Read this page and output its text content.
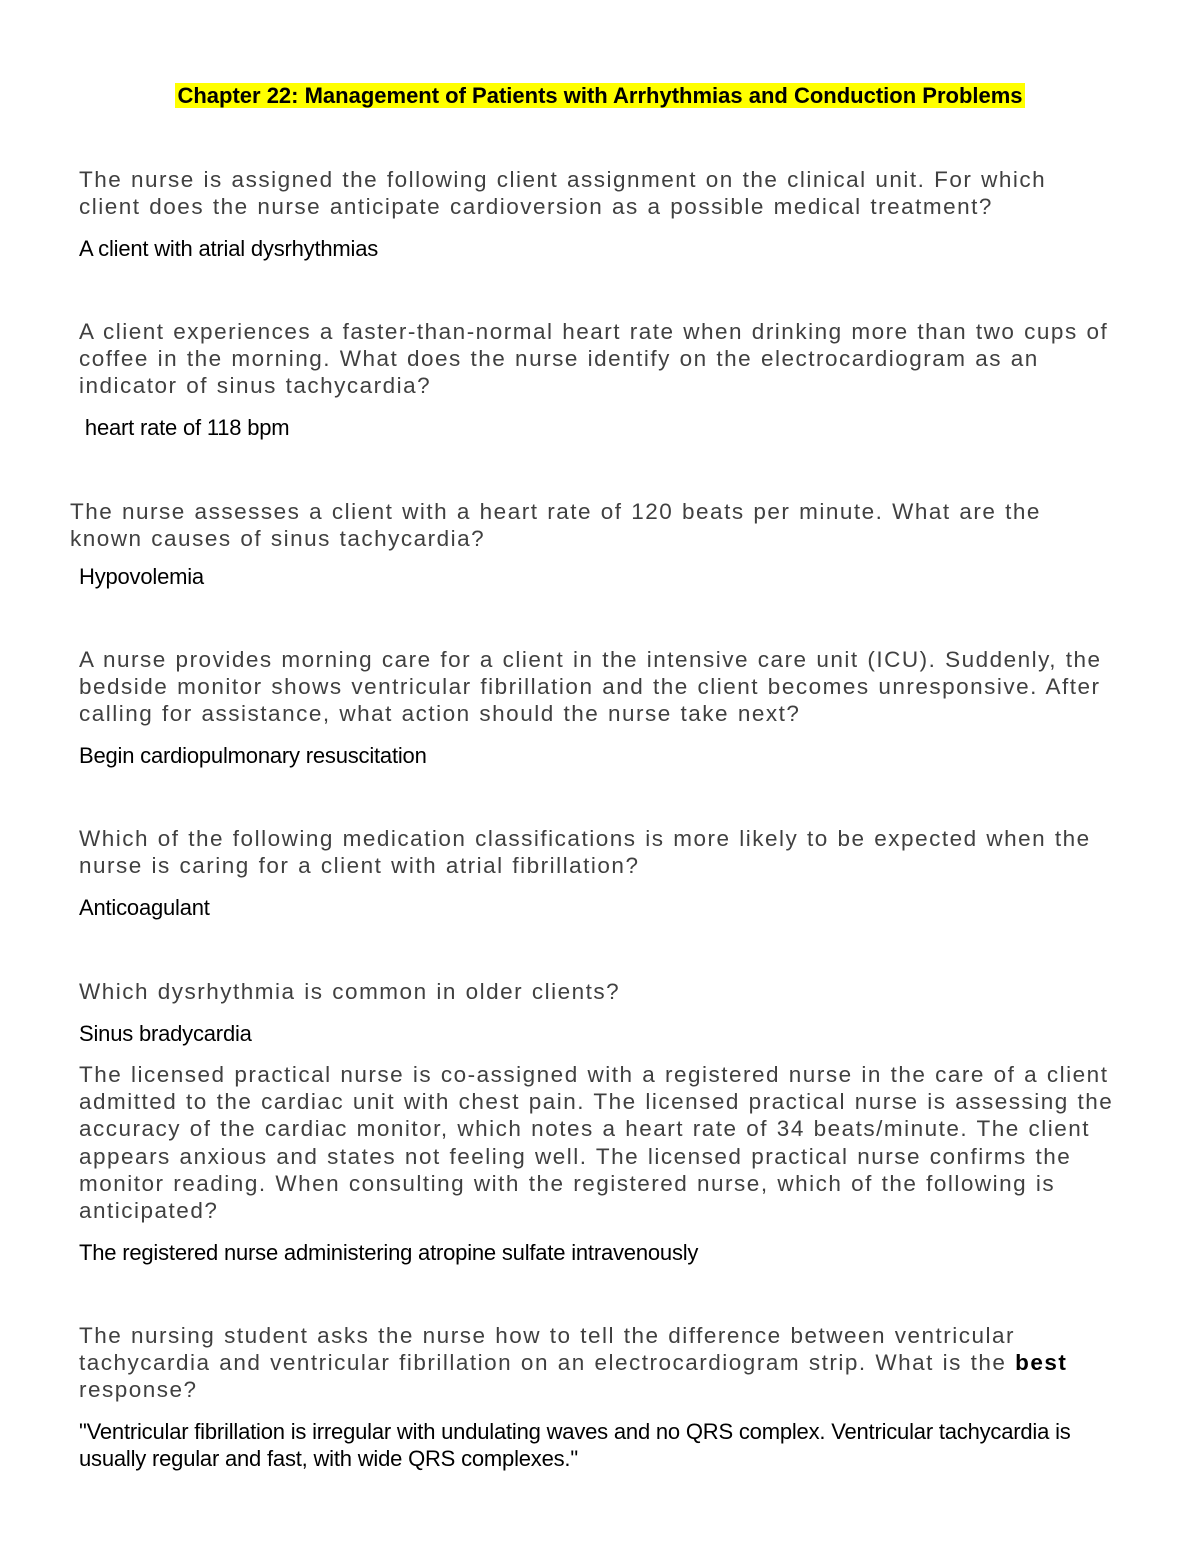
Chapter 22: Management of Patients with Arrhythmias and Conduction Problems

The nurse is assigned the following client assignment on the clinical unit. For which client does the nurse anticipate cardioversion as a possible medical treatment?

A client with atrial dysrhythmias

A client experiences a faster-than-normal heart rate when drinking more than two cups of coffee in the morning. What does the nurse identify on the electrocardiogram as an indicator of sinus tachycardia?

heart rate of 118 bpm

The nurse assesses a client with a heart rate of 120 beats per minute. What are the known causes of sinus tachycardia?

Hypovolemia

A nurse provides morning care for a client in the intensive care unit (ICU). Suddenly, the bedside monitor shows ventricular fibrillation and the client becomes unresponsive. After calling for assistance, what action should the nurse take next?

Begin cardiopulmonary resuscitation

Which of the following medication classifications is more likely to be expected when the nurse is caring for a client with atrial fibrillation?

Anticoagulant

Which dysrhythmia is common in older clients?

Sinus bradycardia

The licensed practical nurse is co-assigned with a registered nurse in the care of a client admitted to the cardiac unit with chest pain. The licensed practical nurse is assessing the accuracy of the cardiac monitor, which notes a heart rate of 34 beats/minute. The client appears anxious and states not feeling well. The licensed practical nurse confirms the monitor reading. When consulting with the registered nurse, which of the following is anticipated?

The registered nurse administering atropine sulfate intravenously

The nursing student asks the nurse how to tell the difference between ventricular tachycardia and ventricular fibrillation on an electrocardiogram strip. What is the best response?

"Ventricular fibrillation is irregular with undulating waves and no QRS complex. Ventricular tachycardia is usually regular and fast, with wide QRS complexes."
